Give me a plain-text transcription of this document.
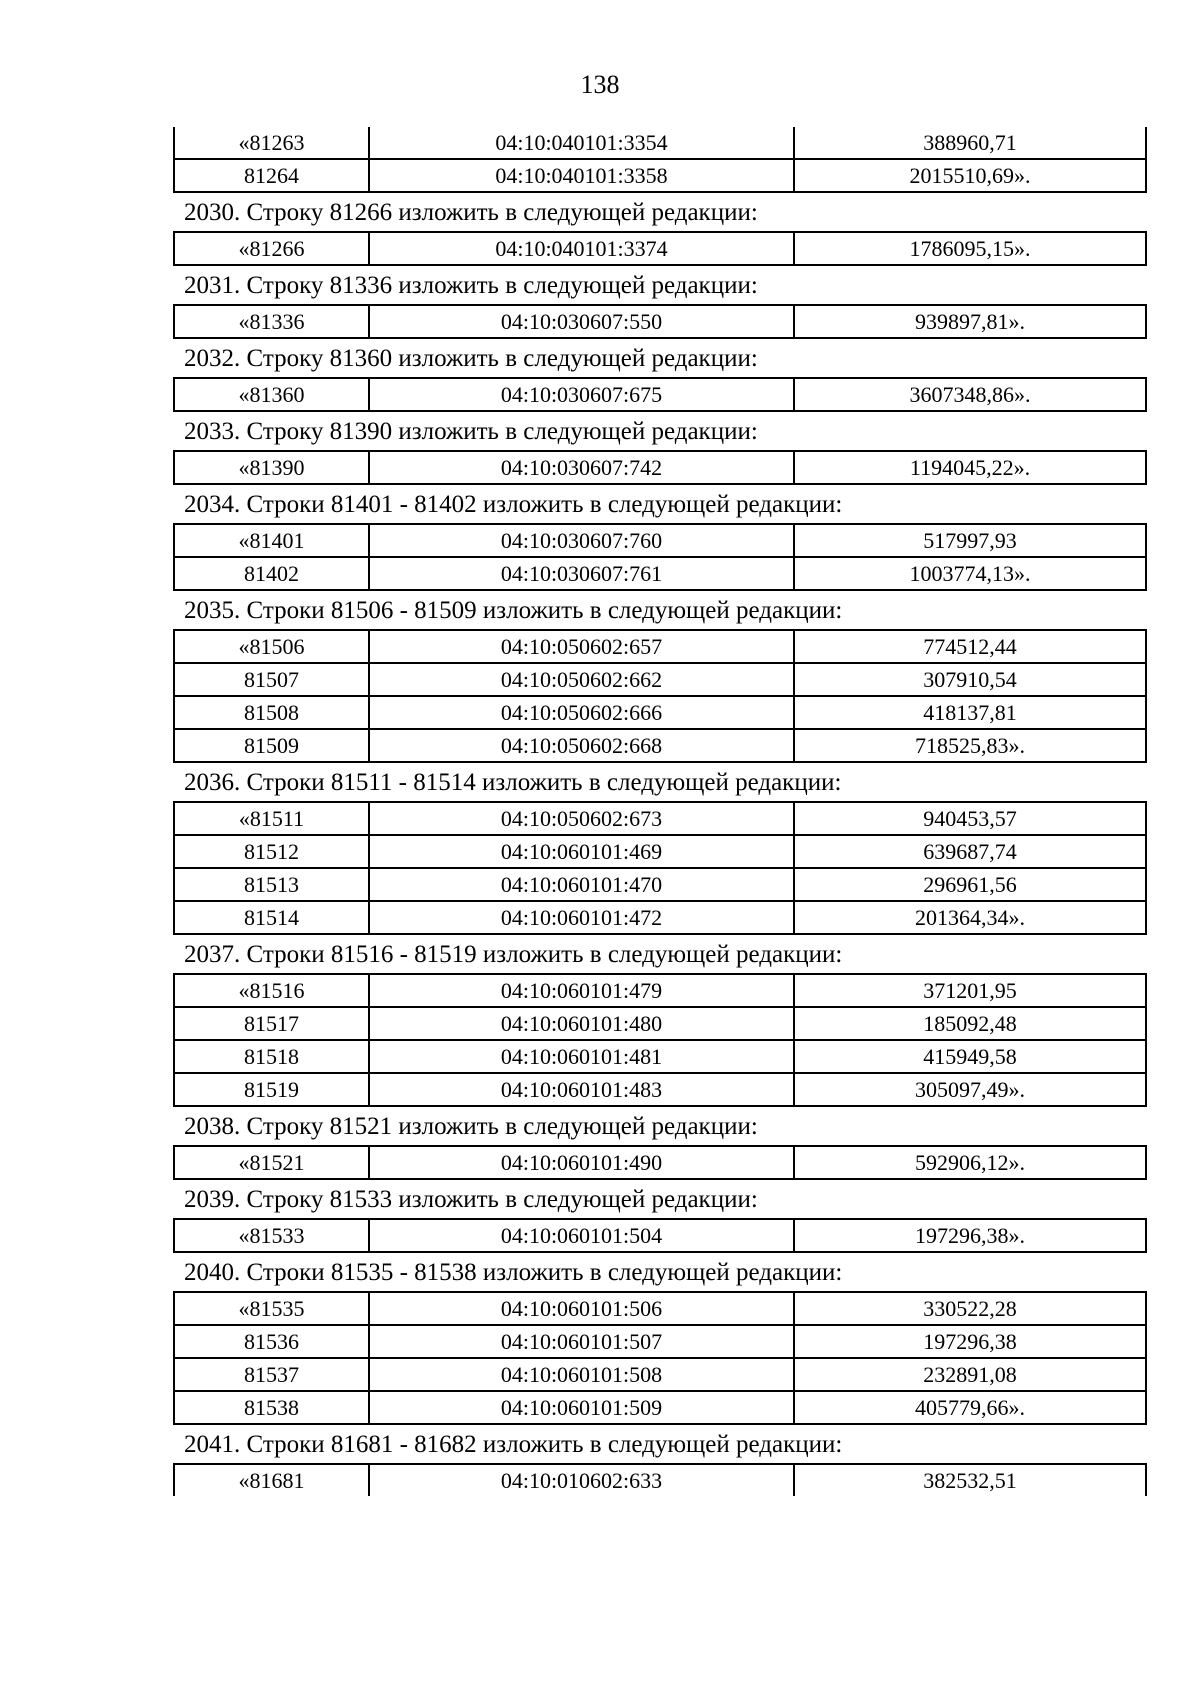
138
«81263	04:10:040101:3354	388960,71
81264	04:10:040101:3358	2015510,69».
2030. Строку 81266 изложить в следующей редакции:
«81266	04:10:040101:3374	1786095,15».
2031. Строку 81336 изложить в следующей редакции:
«81336	04:10:030607:550	939897,81».
2032. Строку 81360 изложить в следующей редакции:
«81360	04:10:030607:675	3607348,86».
2033. Строку 81390 изложить в следующей редакции:
«81390	04:10:030607:742	1194045,22».
2034. Строки 81401 - 81402 изложить в следующей редакции:
«81401	04:10:030607:760	517997,93
81402	04:10:030607:761	1003774,13».
2035. Строки 81506 - 81509 изложить в следующей редакции:
«81506	04:10:050602:657	774512,44
81507	04:10:050602:662	307910,54
81508	04:10:050602:666	418137,81
81509	04:10:050602:668	718525,83».
2036. Строки 81511 - 81514 изложить в следующей редакции:
«81511	04:10:050602:673	940453,57
81512	04:10:060101:469	639687,74
81513	04:10:060101:470	296961,56
81514	04:10:060101:472	201364,34».
2037. Строки 81516 - 81519 изложить в следующей редакции:
«81516	04:10:060101:479	371201,95
81517	04:10:060101:480	185092,48
81518	04:10:060101:481	415949,58
81519	04:10:060101:483	305097,49».
2038. Строку 81521 изложить в следующей редакции:
«81521	04:10:060101:490	592906,12».
2039. Строку 81533 изложить в следующей редакции:
«81533	04:10:060101:504	197296,38».
2040. Строки 81535 - 81538 изложить в следующей редакции:
«81535	04:10:060101:506	330522,28
81536	04:10:060101:507	197296,38
81537	04:10:060101:508	232891,08
81538	04:10:060101:509	405779,66».
2041. Строки 81681 - 81682 изложить в следующей редакции:
«81681	04:10:010602:633	382532,51
